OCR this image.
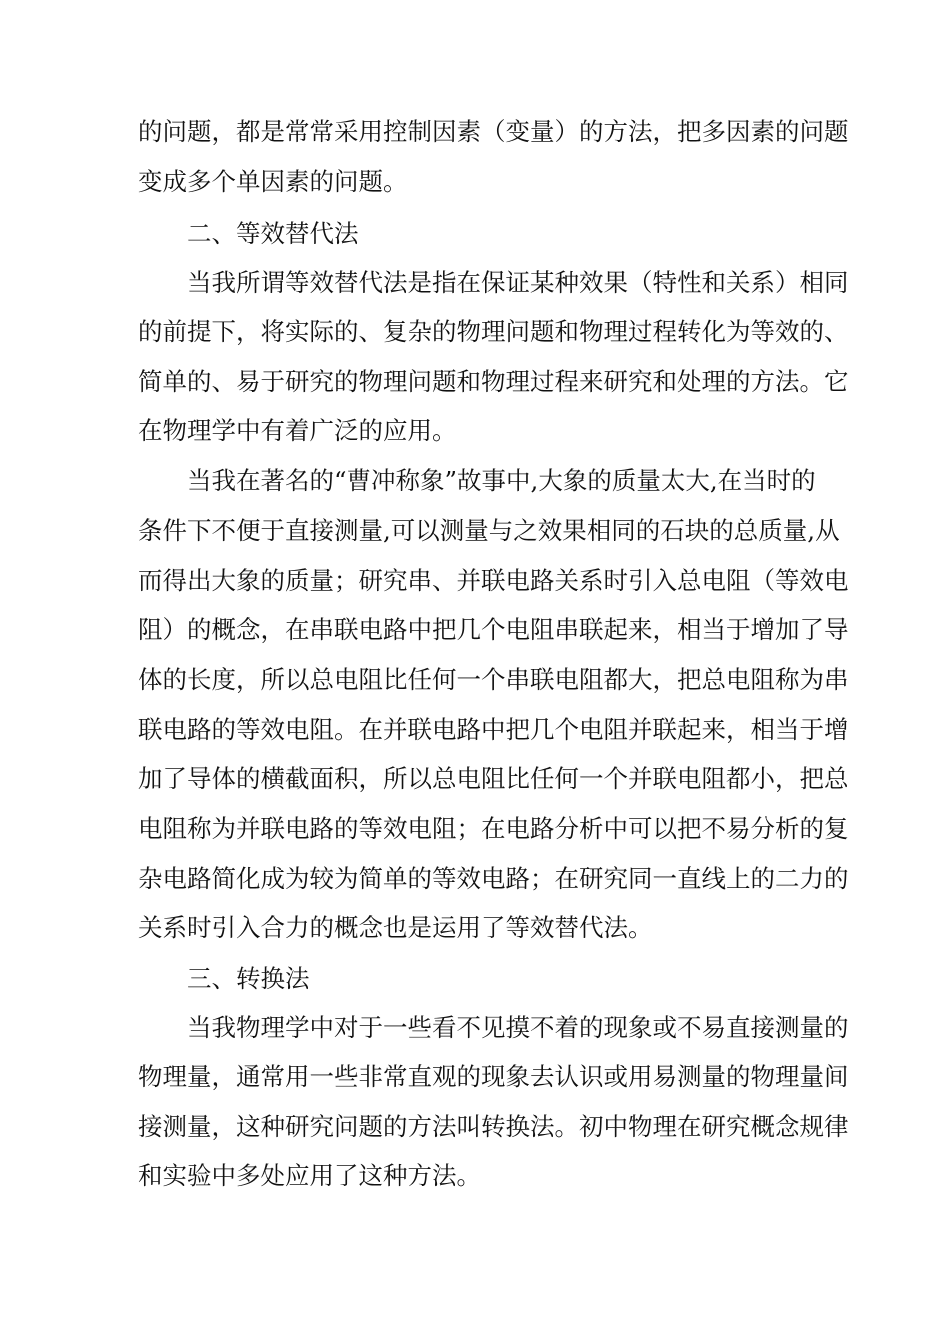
的问题，都是常常采用控制因素（变量）的方法，把多因素的问题
变成多个单因素的问题。
二、等效替代法
当我所谓等效替代法是指在保证某种效果（特性和关系）相同
的前提下，将实际的、复杂的物理问题和物理过程转化为等效的、
简单的、易于研究的物理问题和物理过程来研究和处理的方法。它
在物理学中有着广泛的应用。
当我在著名的“曹冲称象”故事中,大象的质量太大,在当时的
条件下不便于直接测量,可以测量与之效果相同的石块的总质量,从
而得出大象的质量；研究串、并联电路关系时引入总电阻（等效电
阻）的概念，在串联电路中把几个电阻串联起来，相当于增加了导
体的长度，所以总电阻比任何一个串联电阻都大，把总电阻称为串
联电路的等效电阻。在并联电路中把几个电阻并联起来，相当于增
加了导体的横截面积，所以总电阻比任何一个并联电阻都小，把总
电阻称为并联电路的等效电阻；在电路分析中可以把不易分析的复
杂电路简化成为较为简单的等效电路；在研究同一直线上的二力的
关系时引入合力的概念也是运用了等效替代法。
三、转换法
当我物理学中对于一些看不见摸不着的现象或不易直接测量的
物理量，通常用一些非常直观的现象去认识或用易测量的物理量间
接测量，这种研究问题的方法叫转换法。初中物理在研究概念规律
和实验中多处应用了这种方法。
